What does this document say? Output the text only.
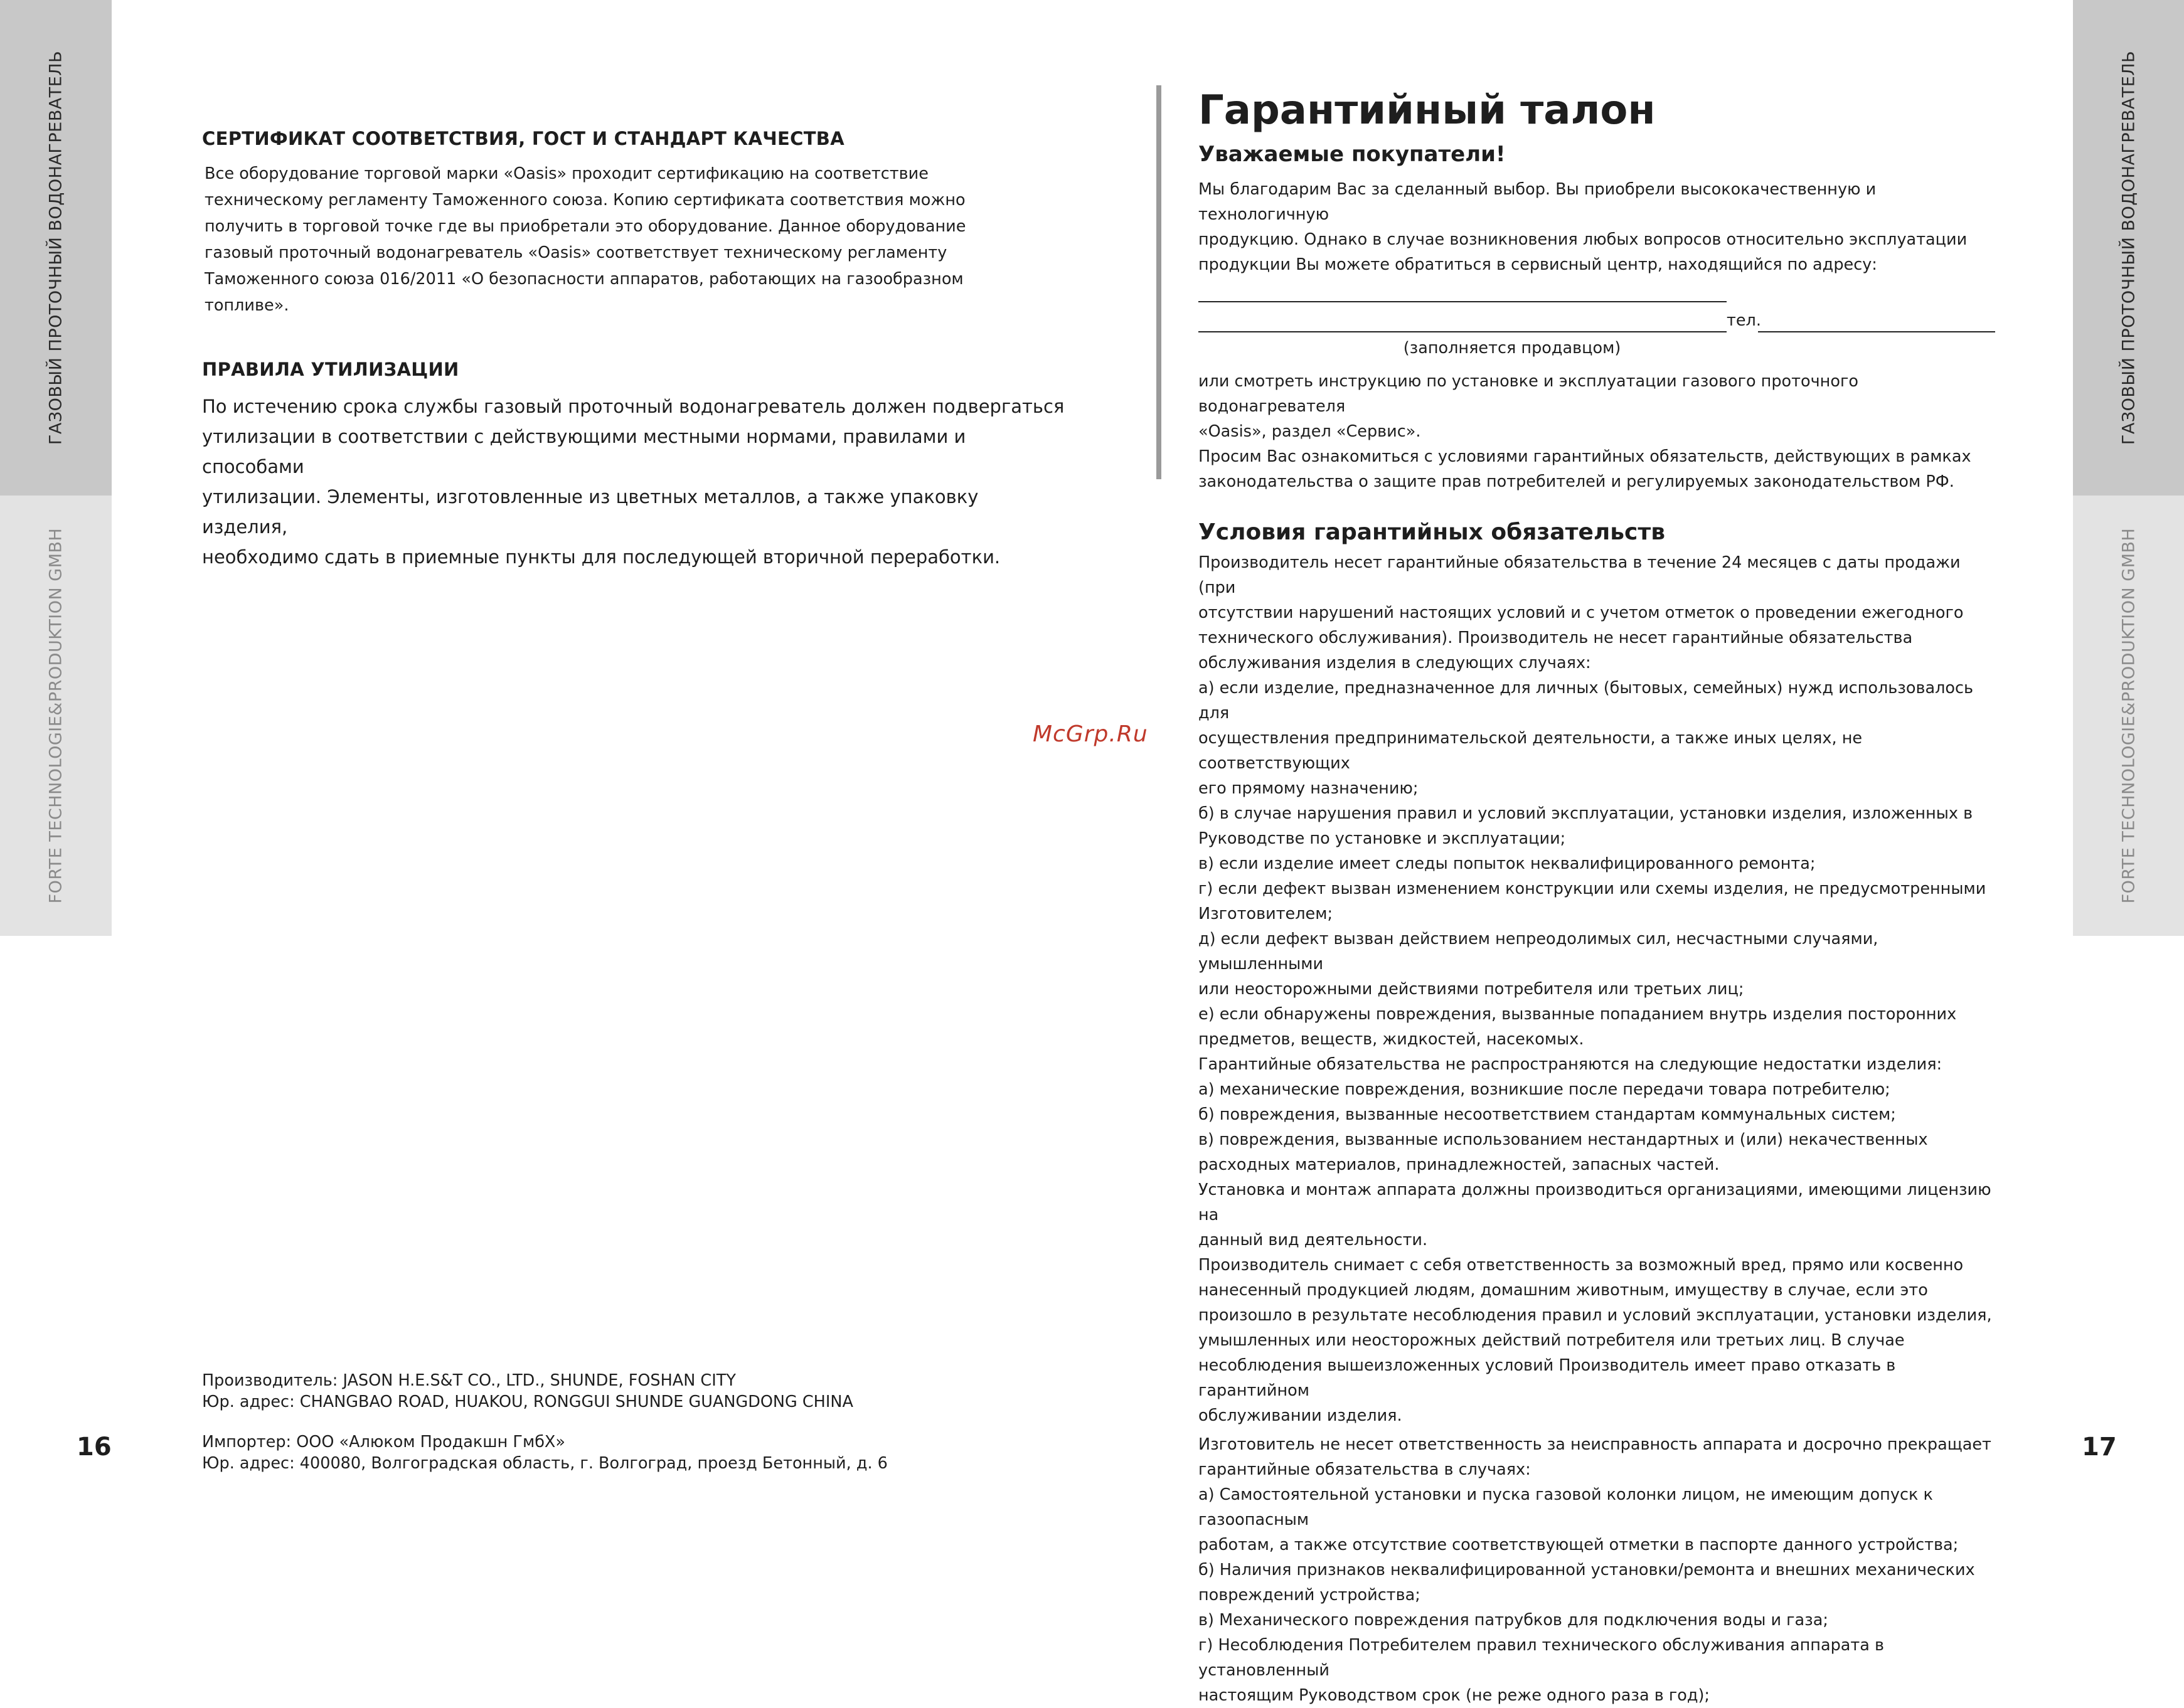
ГАЗОВЫЙ ПРОТОЧНЫЙ ВОДОНАГРЕВАТЕЛЬ
FORTE TECHNOLOGIE&PRODUKTION GMBH
ГАЗОВЫЙ ПРОТОЧНЫЙ ВОДОНАГРЕВАТЕЛЬ
FORTE TECHNOLOGIE&PRODUKTION GMBH
16	17
СЕРТИФИКАТ СООТВЕТСТВИЯ, ГОСТ И СТАНДАРТ КАЧЕСТВА

Все оборудование торговой марки «Oasis» проходит сертификацию на соответствие

техническому регламенту Таможенного союза. Копию сертификата соответствия можно

получить в торговой точке где вы приобретали это оборудование. Данное оборудование

газовый проточный водонагреватель «Oasis» соответствует техническому регламенту

Таможенного союза 016/2011 «О безопасности аппаратов, работающих на газообразном

топливе».

ПРАВИЛА УТИЛИЗАЦИИ

По истечению срока службы газовый проточный водонагреватель должен подвергаться

утилизации в соответствии с действующими местными нормами, правилами и способами

утилизации. Элементы, изготовленные из цветных металлов, а также упаковку изделия,

необходимо сдать в приемные пункты для последующей вторичной переработки.

McGrp.Ru
Производитель: JASON H.E.S&T CO., LTD., SHUNDE, FOSHAN CITY
Юр. адрес: CHANGBAO ROAD, HUAKOU, RONGGUI SHUNDE GUANGDONG CHINA
Импортер: ООО «Алюком Продакшн ГмбХ»
Юр. адрес: 400080, Волгоградская область, г. Волгоград, проезд Бетонный, д. 6
Гарантийный талон
Уважаемые покупатели!

Мы благодарим Вас за сделанный выбор. Вы приобрели высококачественную и технологичную

продукцию. Однако в случае возникновения любых вопросов относительно эксплуатации

продукции Вы можете обратиться в сервисный центр, находящийся по адресу:

тел.
(заполняется продавцом)

или смотреть инструкцию по установке и эксплуатации газового проточного водонагревателя

«Oasis», раздел «Сервис».

Просим Вас ознакомиться с условиями гарантийных обязательств, действующих в рамках

законодательства о защите прав потребителей и регулируемых законодательством РФ.

Условия гарантийных обязательств

Производитель несет гарантийные обязательства в течение 24 месяцев с даты продажи (при

отсутствии нарушений настоящих условий и с учетом отметок о проведении ежегодного

технического обслуживания). Производитель не несет гарантийные обязательства

обслуживания изделия в следующих случаях:

а) если изделие, предназначенное для личных (бытовых, семейных) нужд использовалось для

осуществления предпринимательской деятельности, а также иных целях, не соответствующих

его прямому назначению;

б) в случае нарушения правил и условий эксплуатации, установки изделия, изложенных в

Руководстве по установке и эксплуатации;

в) если изделие имеет следы попыток неквалифицированного ремонта;

г) если дефект вызван изменением конструкции или схемы изделия, не предусмотренными

Изготовителем;

д) если дефект вызван действием непреодолимых сил, несчастными случаями, умышленными

или неосторожными действиями потребителя или третьих лиц;

е) если обнаружены повреждения, вызванные попаданием внутрь изделия посторонних

предметов, веществ, жидкостей, насекомых.

Гарантийные обязательства не распространяются на следующие недостатки изделия:

а) механические повреждения, возникшие после передачи товара потребителю;

б) повреждения, вызванные несоответствием стандартам коммунальных систем;

в) повреждения, вызванные использованием нестандартных и (или) некачественных

расходных материалов, принадлежностей, запасных частей.

Установка и монтаж аппарата должны производиться организациями, имеющими лицензию на

данный вид деятельности.

Производитель снимает с себя ответственность за возможный вред, прямо или косвенно

нанесенный продукцией людям, домашним животным, имуществу в случае, если это

произошло в результате несоблюдения правил и условий эксплуатации, установки изделия,

умышленных или неосторожных действий потребителя или третьих лиц. В случае

несоблюдения вышеизложенных условий Производитель имеет право отказать в гарантийном

обслуживании изделия.

Изготовитель не несет ответственность за неисправность аппарата и досрочно прекращает

гарантийные обязательства в случаях:

а) Самостоятельной установки и пуска газовой колонки лицом, не имеющим допуск к газоопасным

работам, а также отсутствие соответствующей отметки в паспорте данного устройства;

б) Наличия признаков неквалифицированной установки/ремонта и внешних механических

повреждений устройства;

в) Механического повреждения патрубков для подключения воды и газа;

г) Несоблюдения Потребителем правил технического обслуживания аппарата в установленный

настоящим Руководством срок (не реже одного раза в год);
